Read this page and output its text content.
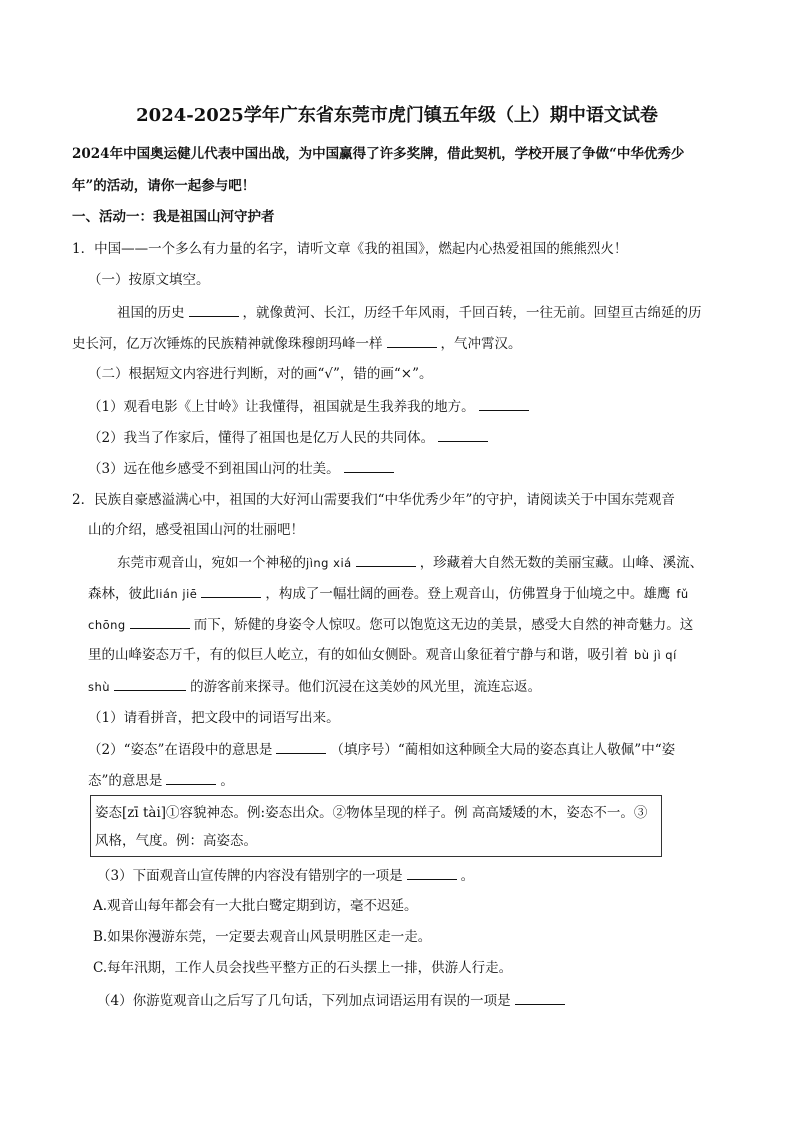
2024-2025学年广东省东莞市虎门镇五年级（上）期中语文试卷
2024年中国奥运健儿代表中国出战，为中国赢得了许多奖牌，借此契机，学校开展了争做“中华优秀少
年”的活动，请你一起参与吧！
一、活动一：我是祖国山河守护者
1．中国——一个多么有力量的名字，请听文章《我的祖国》，燃起内心热爱祖国的熊熊烈火！
（一）按原文填空。
祖国的历史	，就像黄河、长江，历经千年风雨，千回百转，一往无前。回望亘古绵延的历
史长河，亿万次锤炼的民族精神就像珠穆朗玛峰一样	，气冲霄汉。
（二）根据短文内容进行判断，对的画“√”，错的画“×”。
（1）观看电影《上甘岭》让我懂得，祖国就是生我养我的地方。
（2）我当了作家后，懂得了祖国也是亿万人民的共同体。
（3）远在他乡感受不到祖国山河的壮美。
2．民族自豪感溢满心中，祖国的大好河山需要我们“中华优秀少年”的守护，请阅读关于中国东莞观音
山的介绍，感受祖国山河的壮丽吧！
东莞市观音山，宛如一个神秘的jìng xiá	，珍藏着大自然无数的美丽宝藏。山峰、溪流、
森林，彼此lián jiē	，构成了一幅壮阔的画卷。登上观音山，仿佛置身于仙境之中。雄鹰 fǔ
chōng	而下，矫健的身姿令人惊叹。您可以饱览这无边的美景，感受大自然的神奇魅力。这
里的山峰姿态万千，有的似巨人屹立，有的如仙女侧卧。观音山象征着宁静与和谐，吸引着 bù jì qí
shù	的游客前来探寻。他们沉浸在这美妙的风光里，流连忘返。
（1）请看拼音，把文段中的词语写出来。
（2）“姿态”在语段中的意思是	（填序号）“蔺相如这种顾全大局的姿态真让人敬佩”中“姿
态”的意思是	。
姿态[zī tài]①容貌神态。例:姿态出众。②物体呈现的样子。例 高高矮矮的木，姿态不一。③
风格，气度。例：高姿态。
（3）下面观音山宣传牌的内容没有错别字的一项是	。
A.观音山每年都会有一大批白鹭定期到访，毫不迟延。
B.如果你漫游东莞，一定要去观音山风景明胜区走一走。
C.每年汛期，工作人员会找些平整方正的石头摆上一排，供游人行走。
（4）你游览观音山之后写了几句话，下列加点词语运用有误的一项是
